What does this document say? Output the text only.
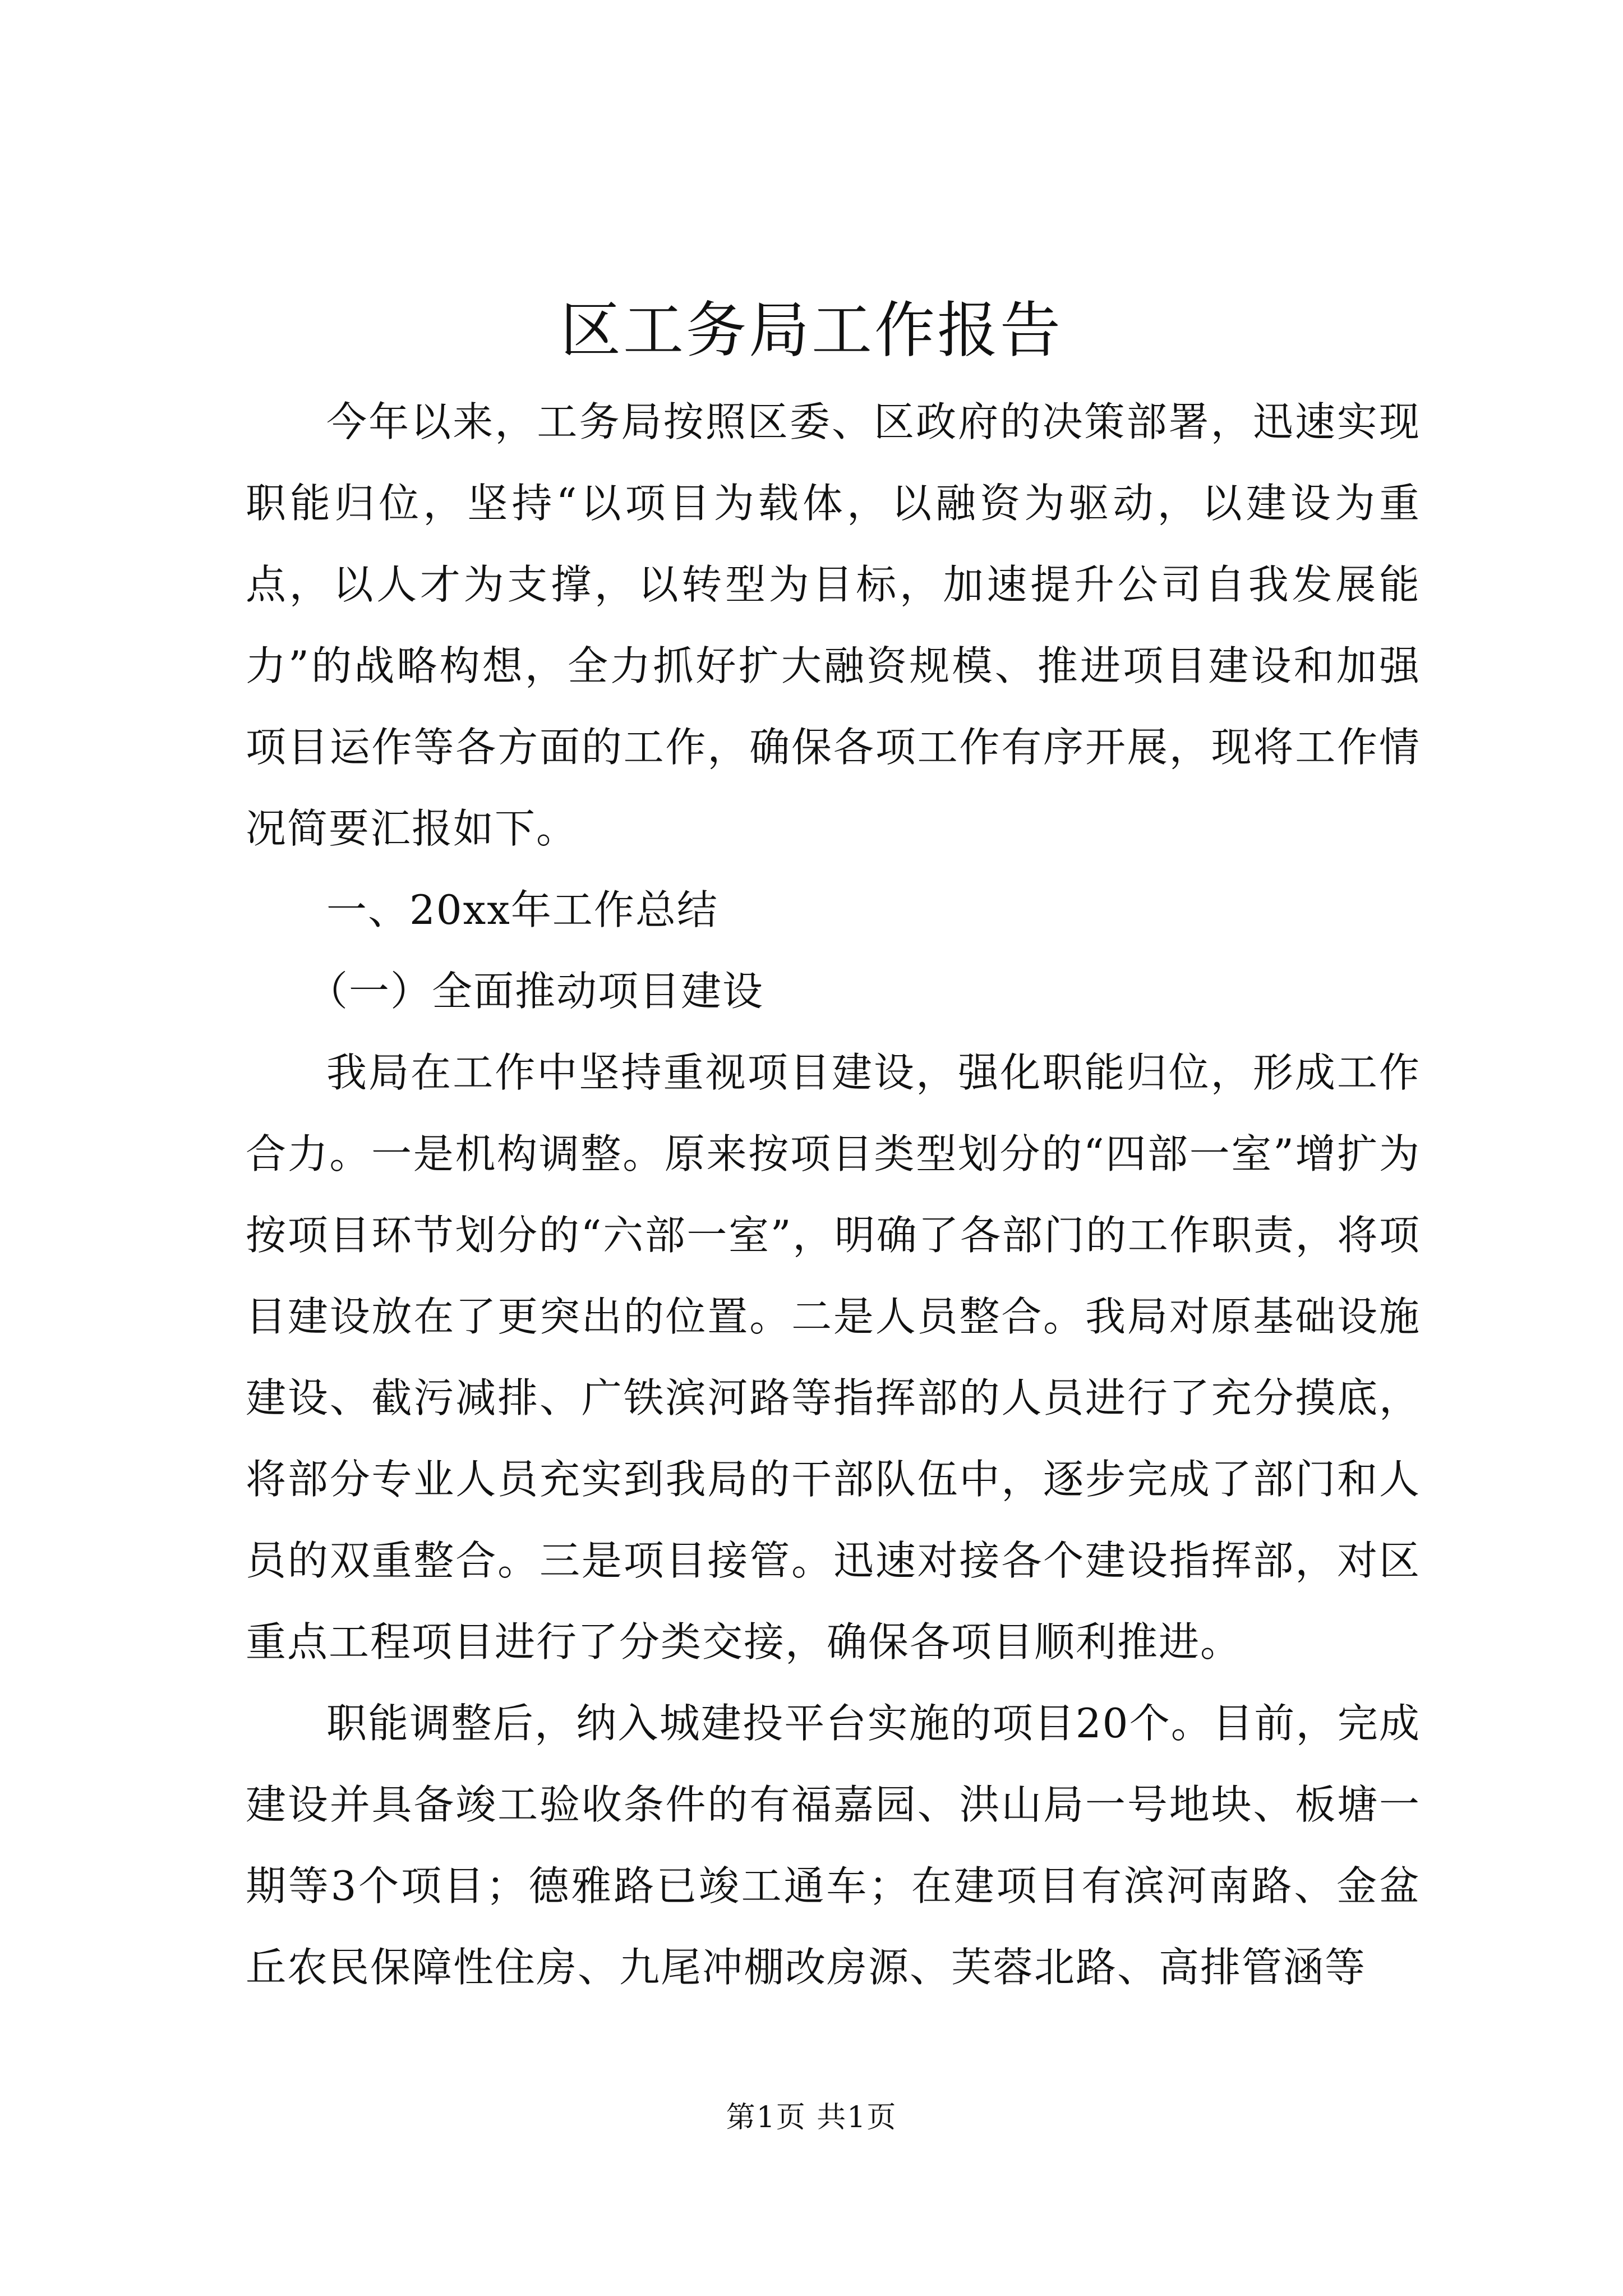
区工务局工作报告

今年以来，工务局按照区委、区政府的决策部署，迅速实现职能归位，坚持“以项目为载体，以融资为驱动，以建设为重点，以人才为支撑，以转型为目标，加速提升公司自我发展能力”的战略构想，全力抓好扩大融资规模、推进项目建设和加强项目运作等各方面的工作，确保各项工作有序开展，现将工作情况简要汇报如下。

一、20xx年工作总结

（一）全面推动项目建设

我局在工作中坚持重视项目建设，强化职能归位，形成工作合力。一是机构调整。原来按项目类型划分的“四部一室”增扩为按项目环节划分的“六部一室”，明确了各部门的工作职责，将项目建设放在了更突出的位置。二是人员整合。我局对原基础设施建设、截污减排、广铁滨河路等指挥部的人员进行了充分摸底，将部分专业人员充实到我局的干部队伍中，逐步完成了部门和人员的双重整合。三是项目接管。迅速对接各个建设指挥部，对区重点工程项目进行了分类交接，确保各项目顺利推进。

职能调整后，纳入城建投平台实施的项目20个。目前，完成建设并具备竣工验收条件的有福嘉园、洪山局一号地块、板塘一期等3个项目；德雅路已竣工通车；在建项目有滨河南路、金盆丘农民保障性住房、九尾冲棚改房源、芙蓉北路、高排管涵等

第1页 共1页
